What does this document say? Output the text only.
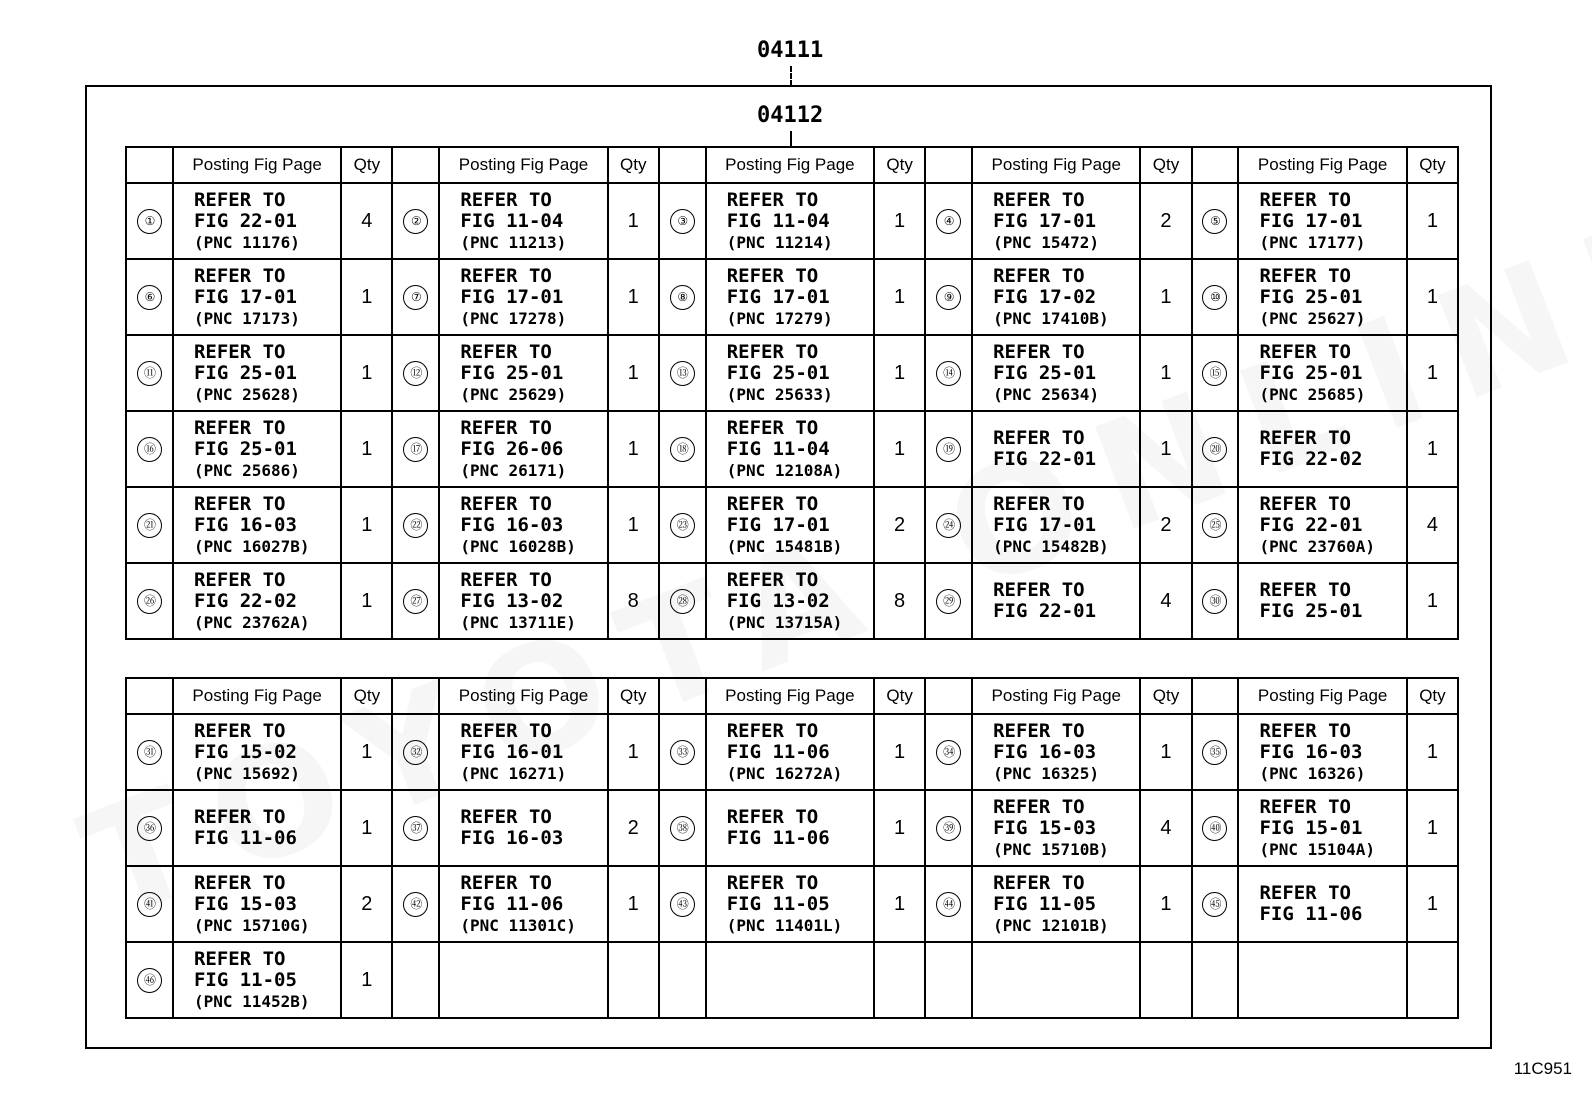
04111
04112
	Posting Fig Page	Qty		Posting Fig Page	Qty		Posting Fig Page	Qty		Posting Fig Page	Qty		Posting Fig Page	Qty
①	REFER TO
FIG 22-01
(PNC 11176)	4	②	REFER TO
FIG 11-04
(PNC 11213)	1	③	REFER TO
FIG 11-04
(PNC 11214)	1	④	REFER TO
FIG 17-01
(PNC 15472)	2	⑤	REFER TO
FIG 17-01
(PNC 17177)	1
⑥	REFER TO
FIG 17-01
(PNC 17173)	1	⑦	REFER TO
FIG 17-01
(PNC 17278)	1	⑧	REFER TO
FIG 17-01
(PNC 17279)	1	⑨	REFER TO
FIG 17-02
(PNC 17410B)	1	⑩	REFER TO
FIG 25-01
(PNC 25627)	1
⑪	REFER TO
FIG 25-01
(PNC 25628)	1	⑫	REFER TO
FIG 25-01
(PNC 25629)	1	⑬	REFER TO
FIG 25-01
(PNC 25633)	1	⑭	REFER TO
FIG 25-01
(PNC 25634)	1	⑮	REFER TO
FIG 25-01
(PNC 25685)	1
⑯	REFER TO
FIG 25-01
(PNC 25686)	1	⑰	REFER TO
FIG 26-06
(PNC 26171)	1	⑱	REFER TO
FIG 11-04
(PNC 12108A)	1	⑲	REFER TO
FIG 22-01	1	⑳	REFER TO
FIG 22-02	1
㉑	REFER TO
FIG 16-03
(PNC 16027B)	1	㉒	REFER TO
FIG 16-03
(PNC 16028B)	1	㉓	REFER TO
FIG 17-01
(PNC 15481B)	2	㉔	REFER TO
FIG 17-01
(PNC 15482B)	2	㉕	REFER TO
FIG 22-01
(PNC 23760A)	4
㉖	REFER TO
FIG 22-02
(PNC 23762A)	1	㉗	REFER TO
FIG 13-02
(PNC 13711E)	8	㉘	REFER TO
FIG 13-02
(PNC 13715A)	8	㉙	REFER TO
FIG 22-01	4	㉚	REFER TO
FIG 25-01	1
	Posting Fig Page	Qty		Posting Fig Page	Qty		Posting Fig Page	Qty		Posting Fig Page	Qty		Posting Fig Page	Qty
㉛	REFER TO
FIG 15-02
(PNC 15692)	1	㉜	REFER TO
FIG 16-01
(PNC 16271)	1	㉝	REFER TO
FIG 11-06
(PNC 16272A)	1	㉞	REFER TO
FIG 16-03
(PNC 16325)	1	㉟	REFER TO
FIG 16-03
(PNC 16326)	1
㊱	REFER TO
FIG 11-06	1	㊲	REFER TO
FIG 16-03	2	㊳	REFER TO
FIG 11-06	1	㊴	REFER TO
FIG 15-03
(PNC 15710B)	4	㊵	REFER TO
FIG 15-01
(PNC 15104A)	1
㊶	REFER TO
FIG 15-03
(PNC 15710G)	2	㊷	REFER TO
FIG 11-06
(PNC 11301C)	1	㊸	REFER TO
FIG 11-05
(PNC 11401L)	1	㊹	REFER TO
FIG 11-05
(PNC 12101B)	1	㊺	REFER TO
FIG 11-06	1
㊻	REFER TO
FIG 11-05
(PNC 11452B)	1												
11C951
